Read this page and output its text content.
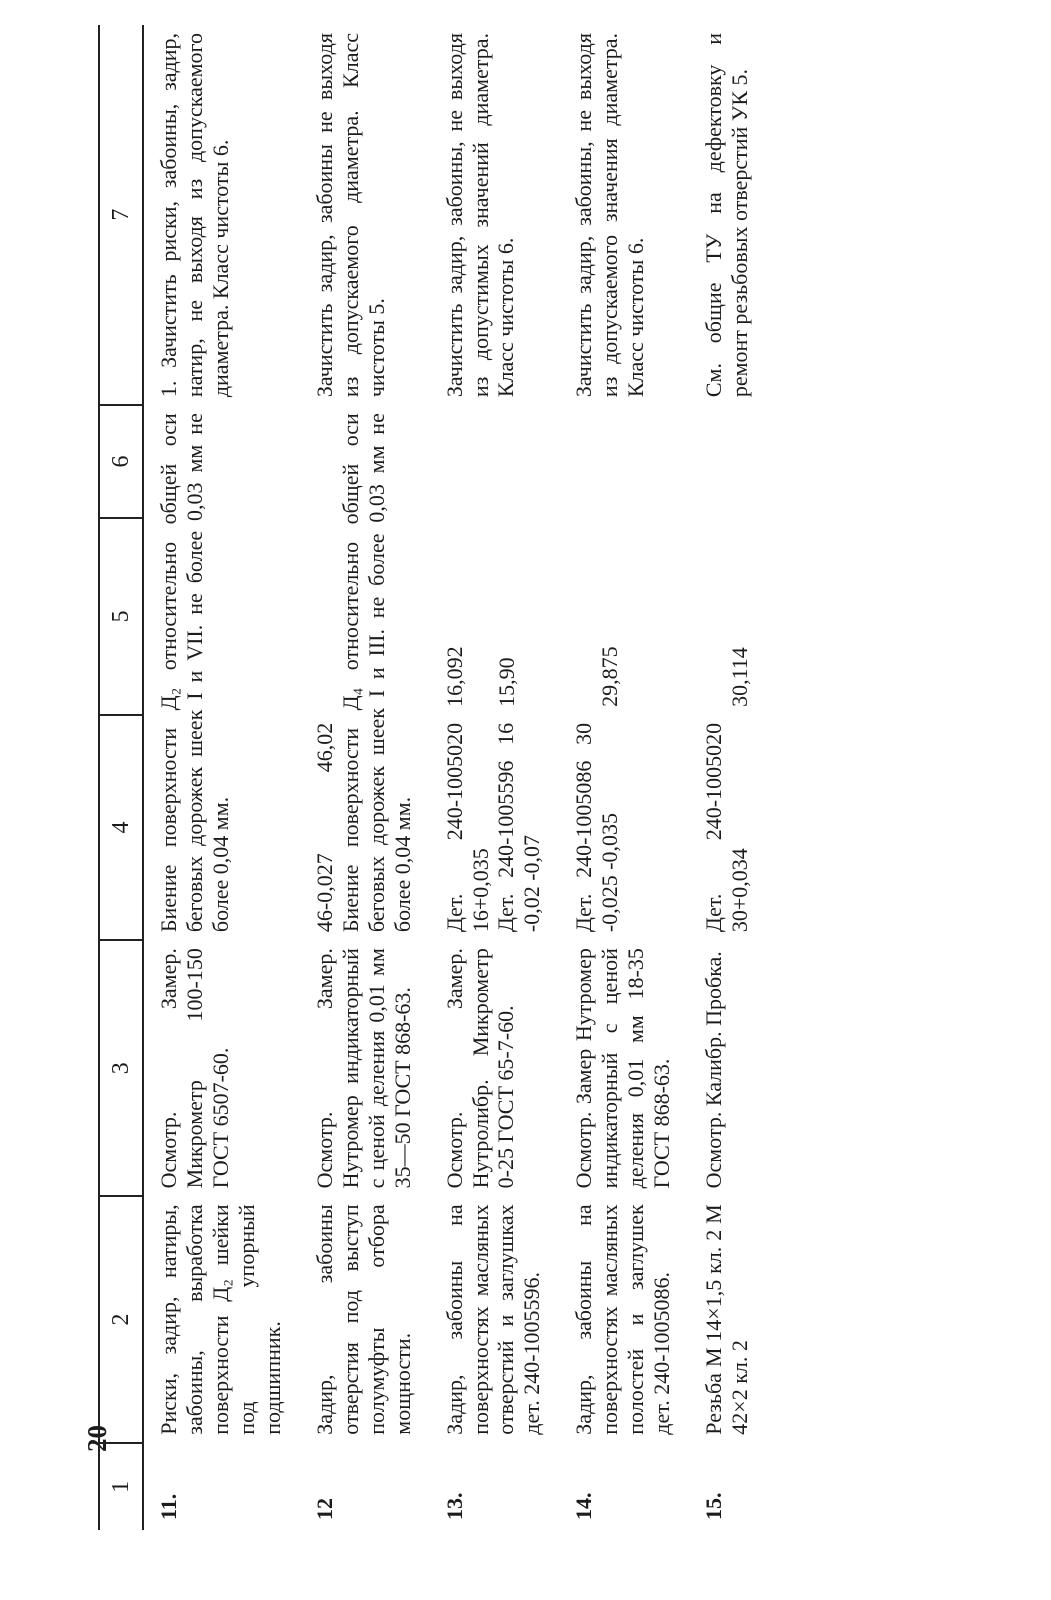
20
1	2	3	4	5	6	7
11.	Риски, задир, натиры, забоины, выработка поверхности Д₂ шейки под упорный подшипник.	Осмотр. Замер. Микрометр 100-150 ГОСТ 6507-60.	Биение поверхности Д₂ относительно общей оси беговых дорожек шеек I и VII. не более 0,03 мм не более 0,04 мм.			1. Зачистить риски, забоины, задир, натир, не выходя из допускаемого диаметра. Класс чистоты 6.
12	Задир, забоины отверстия под выступ полумуфты отбора мощности.	Осмотр. Замер. Нутромер индикаторный с ценой деления 0,01 мм 35—50 ГОСТ 868-63.	46-0,027  46,02 Биение поверхности Д₄ относительно общей оси беговых дорожек шеек I и III. не более 0,03 мм не более 0,04 мм.			Зачистить задир, забоины не выходя из допускаемого диаметра. Класс чистоты 5.
13.	Задир, забоины на поверхностях масляных отверстий и заглушках дет. 240-1005596.	Осмотр. Замер. Нутролибр. Микрометр 0-25 ГОСТ 65-7-60.	Дет. 240-1005020 16+0,035 Дет. 240-1005596 16 -0,02 -0,07	16,092 15,90		Зачистить задир, забоины, не выходя из допустимых значений диаметра. Класс чистоты 6.
14.	Задир, забоины на поверхностях масляных полостей и заглушек дет. 240-1005086.	Осмотр. Замер Нутромер индикаторный с ценой деления 0,01 мм 18-35 ГОСТ 868-63.	Дет. 240-1005086 30 -0,025 -0,035	29,875		Зачистить задир, забоины, не выходя из допускаемого значения диаметра. Класс чистоты 6.
15.	Резьба М 14×1,5 кл. 2 М 42×2 кл. 2	Осмотр. Калибр. Пробка.	Дет. 240-1005020 30+0,034	30,114		См. общие ТУ на дефектовку и ремонт резьбовых отверстий УК 5.
